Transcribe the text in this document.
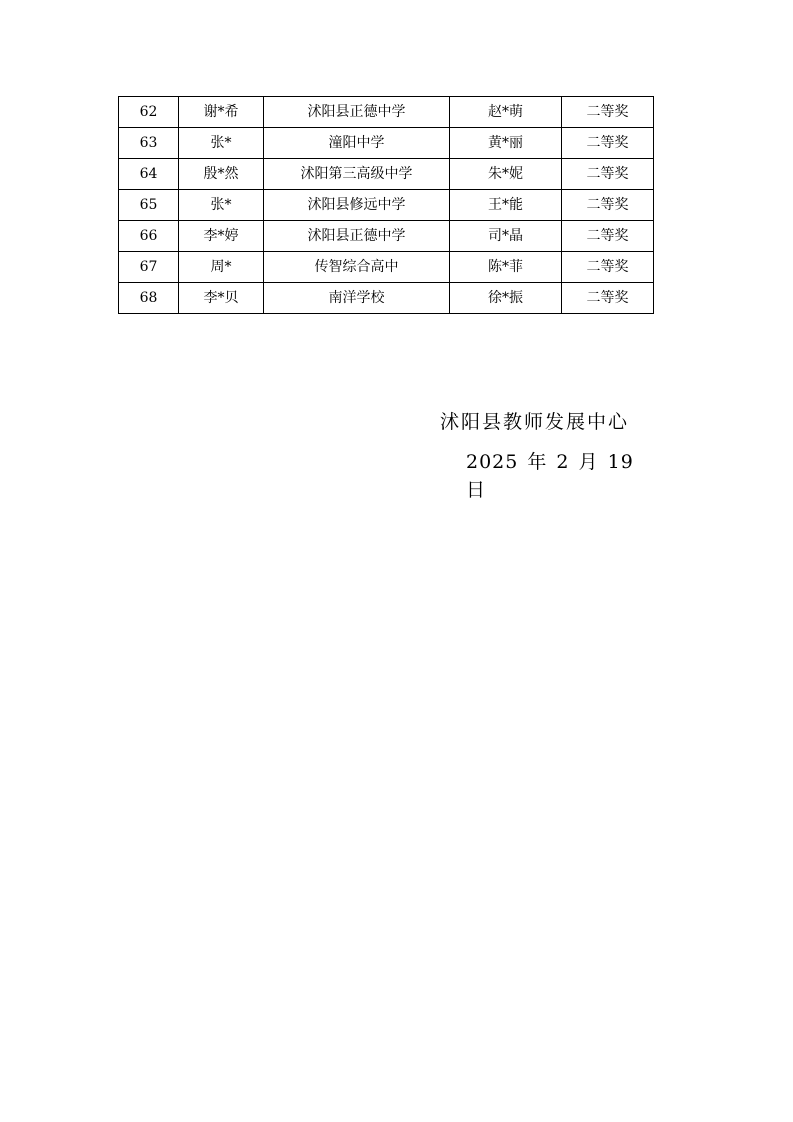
62	谢*希	沭阳县正德中学	赵*萌	二等奖
63	张*	潼阳中学	黄*丽	二等奖
64	殷*然	沭阳第三高级中学	朱*妮	二等奖
65	张*	沭阳县修远中学	王*能	二等奖
66	李*婷	沭阳县正德中学	司*晶	二等奖
67	周*	传智综合高中	陈*菲	二等奖
68	李*贝	南洋学校	徐*振	二等奖
沭阳县教师发展中心
2025 年 2 月 19 日
